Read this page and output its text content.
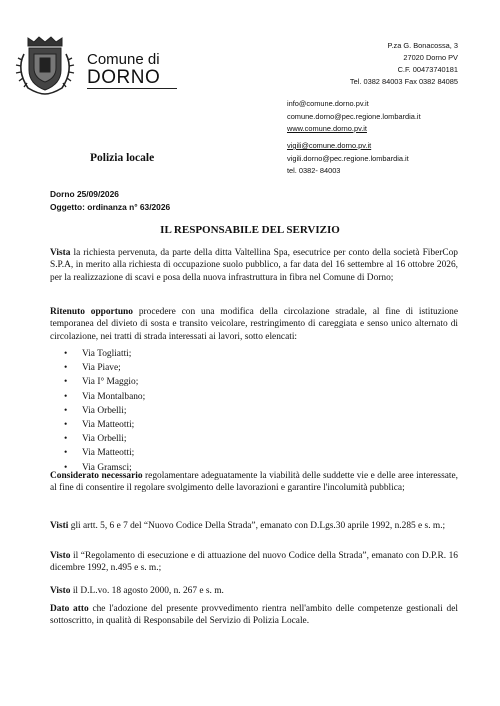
Comune di
DORNO
P.za G. Bonacossa, 3
27020 Dorno PV
C.F. 00473740181
Tel. 0382 84003 Fax 0382 84085
info@comune.dorno.pv.it
comune.dorno@pec.regione.lombardia.it
www.comune.dorno.pv.it
vigili@comune.dorno.pv.it
vigili.dorno@pec.regione.lombardia.it
tel. 0382- 84003
Polizia locale
Dorno 25/09/2026
Oggetto: ordinanza n° 63/2026
IL RESPONSABILE DEL SERVIZIO
Vista la richiesta pervenuta, da parte della ditta Valtellina Spa, esecutrice per conto della società FiberCop S.P.A, in merito alla richiesta di occupazione suolo pubblico, a far data del 16 settembre al 16 ottobre 2026, per la realizzazione di scavi e posa della nuova infrastruttura in fibra nel Comune di Dorno;
Ritenuto opportuno procedere con una modifica della circolazione stradale, al fine di istituzione temporanea del divieto di sosta e transito veicolare, restringimento di careggiata e senso unico alternato di circolazione, nei tratti di strada interessati ai lavori, sotto elencati:
• Via Togliatti;
• Via Piave;
• Via I° Maggio;
• Via Montalbano;
• Via Orbelli;
• Via Matteotti;
• Via Orbelli;
• Via Matteotti;
• Via Gramsci;
Considerato necessario regolamentare adeguatamente la viabilità delle suddette vie e delle aree interessate, al fine di consentire il regolare svolgimento delle lavorazioni e garantire l'incolumità pubblica;
Visti gli artt. 5, 6 e 7 del “Nuovo Codice Della Strada”, emanato con D.Lgs.30 aprile 1992, n.285 e s. m.;
Visto il “Regolamento di esecuzione e di attuazione del nuovo Codice della Strada”, emanato con D.P.R. 16 dicembre 1992, n.495 e s. m.;
Visto il D.L.vo. 18 agosto 2000, n. 267 e s. m.
Dato atto che l'adozione del presente provvedimento rientra nell'ambito delle competenze gestionali del sottoscritto, in qualità di Responsabile del Servizio di Polizia Locale.
